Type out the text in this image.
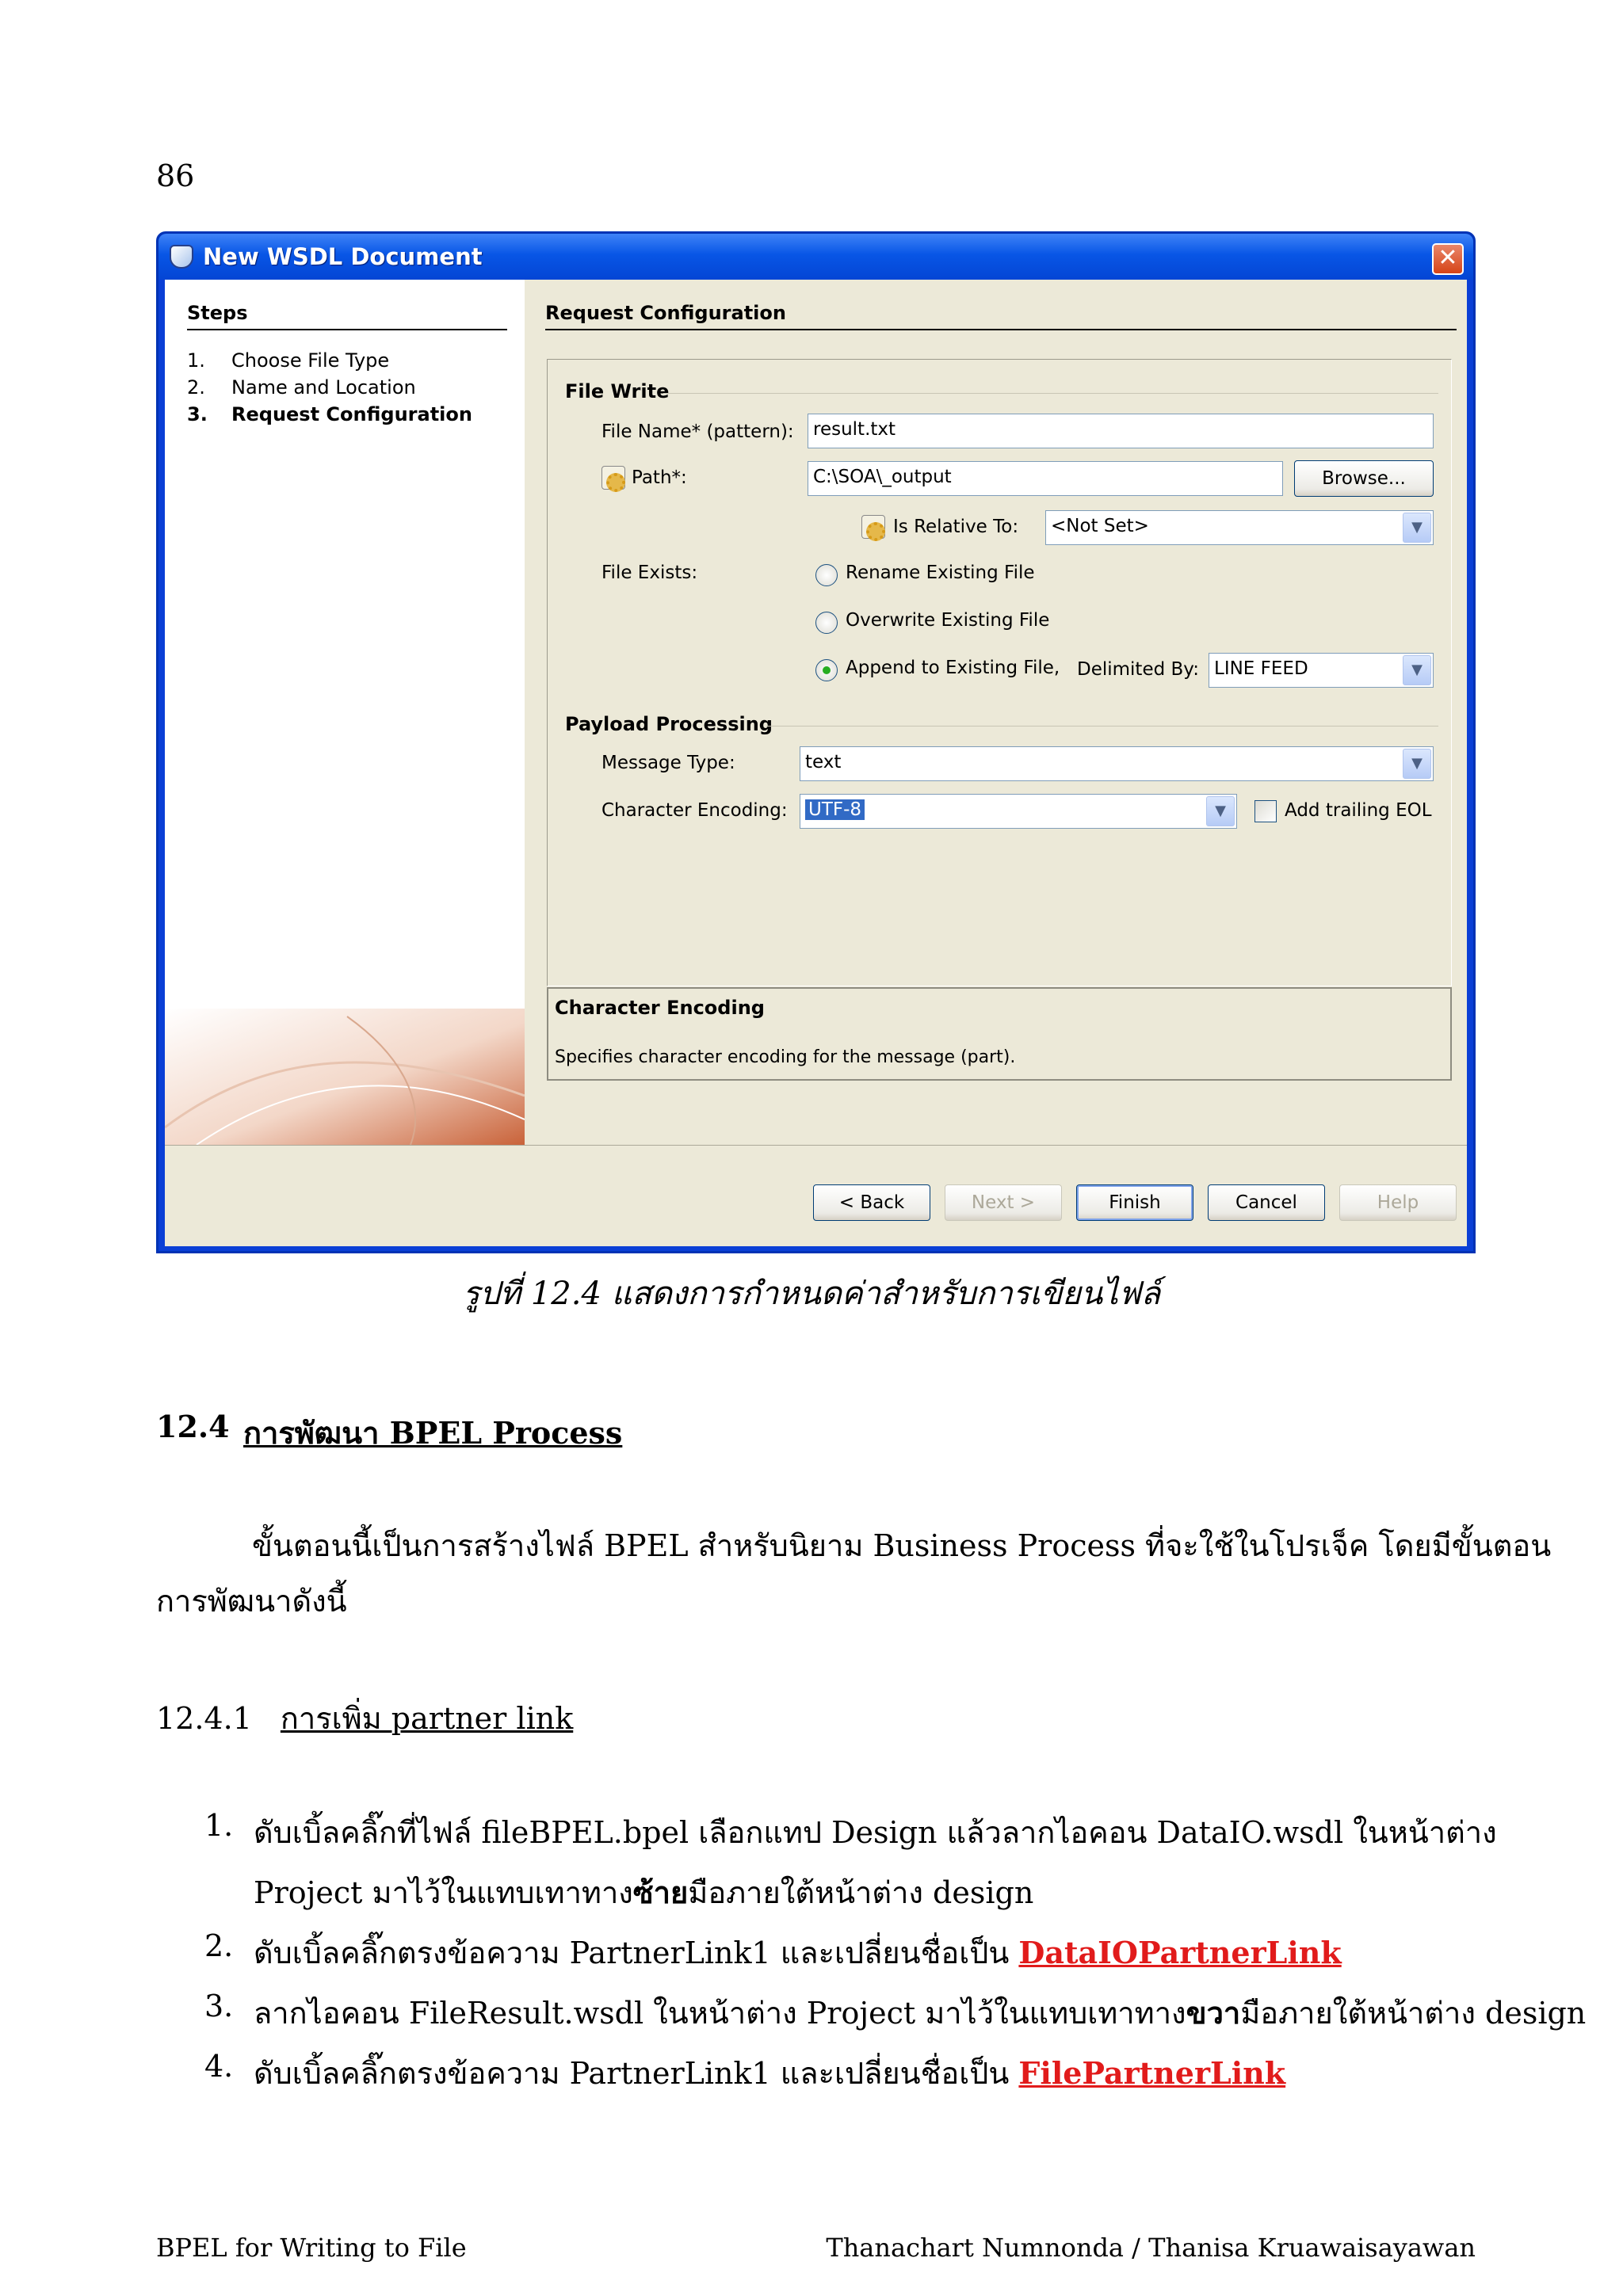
86
New WSDL Document	✕
Steps
1. Choose File Type
2. Name and Location
3. Request Configuration
Request Configuration
File Write
File Name* (pattern):	result.txt
Path*:	C:\SOA\_output	Browse...
Is Relative To:	<Not Set>	▼
File Exists:	Rename Existing File
Overwrite Existing File
Append to Existing File, Delimited By: LINE FEED	▼
Payload Processing
Message Type:	text	▼
Character Encoding:	UTF-8	▼	Add trailing EOL
Character Encoding
Specifies character encoding for the message (part).
< Back	Next >	Finish	Cancel	Help
รูปที่ 12.4 แสดงการกำหนดค่าสำหรับการเขียนไฟล์
12.4 การพัฒนา BPEL Process
ขั้นตอนนี้เป็นการสร้างไฟล์ BPEL สำหรับนิยาม Business Process ที่จะใช้ในโปรเจ็ค โดยมีขั้นตอน
การพัฒนาดังนี้
12.4.1 การเพิ่ม partner link
1. ดับเบิ้ลคลิ๊กที่ไฟล์ fileBPEL.bpel เลือกแทป Design แล้วลากไอคอน DataIO.wsdl ในหน้าต่าง
Project มาไว้ในแทบเทาทางซ้ายมือภายใต้หน้าต่าง design
2. ดับเบิ้ลคลิ๊กตรงข้อความ PartnerLink1 และเปลี่ยนชื่อเป็น DataIOPartnerLink
3. ลากไอคอน FileResult.wsdl ในหน้าต่าง Project มาไว้ในแทบเทาทางขวามือภายใต้หน้าต่าง design
4. ดับเบิ้ลคลิ๊กตรงข้อความ PartnerLink1 และเปลี่ยนชื่อเป็น FilePartnerLink
BPEL for Writing to File	Thanachart Numnonda / Thanisa Kruawaisayawan
